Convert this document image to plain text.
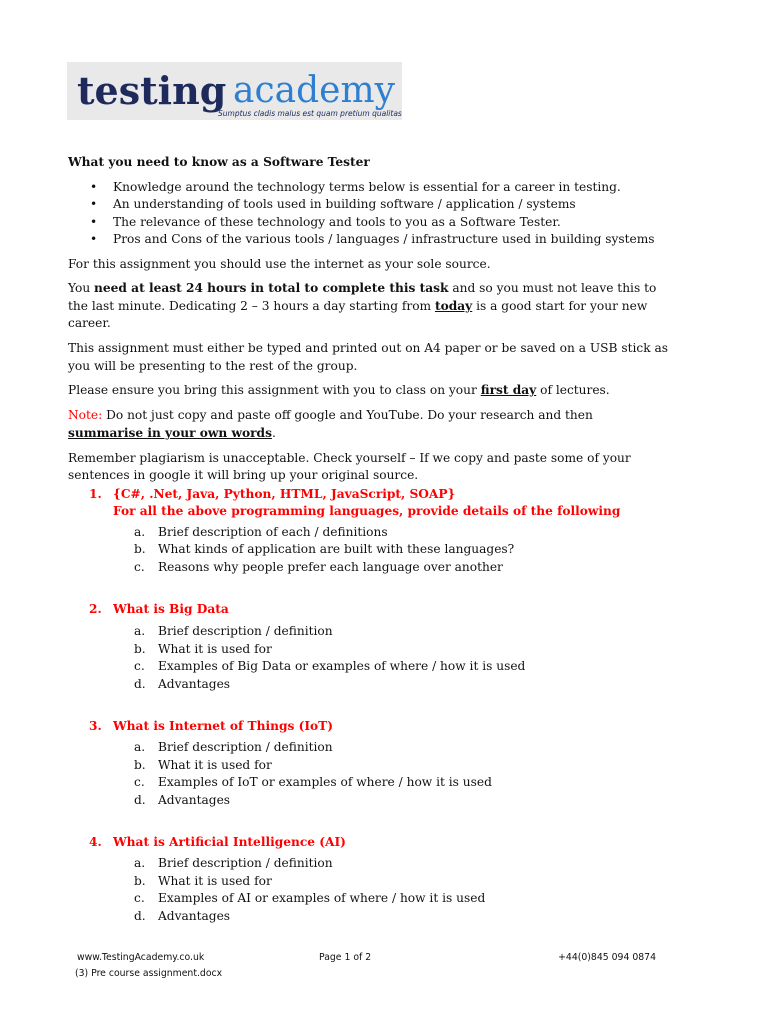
testing academy
Sumptus cladis malus est quam pretium qualitas

What you need to know as a Software Tester

• Knowledge around the technology terms below is essential for a career in testing.
• An understanding of tools used in building software / application / systems
• The relevance of these technology and tools to you as a Software Tester.
• Pros and Cons of the various tools / languages / infrastructure used in building systems

For this assignment you should use the internet as your sole source.

You need at least 24 hours in total to complete this task and so you must not leave this to the last minute. Dedicating 2 – 3 hours a day starting from today is a good start for your new career.

This assignment must either be typed and printed out on A4 paper or be saved on a USB stick as you will be presenting to the rest of the group.

Please ensure you bring this assignment with you to class on your first day of lectures.

Note: Do not just copy and paste off google and YouTube. Do your research and then summarise in your own words.

Remember plagiarism is unacceptable. Check yourself – If we copy and paste some of your sentences in google it will bring up your original source.

1. {C#, .Net, Java, Python, HTML, JavaScript, SOAP}
For all the above programming languages, provide details of the following
a. Brief description of each / definitions
b. What kinds of application are built with these languages?
c. Reasons why people prefer each language over another
2. What is Big Data
a. Brief description / definition
b. What it is used for
c. Examples of Big Data or examples of where / how it is used
d. Advantages
3. What is Internet of Things (IoT)
a. Brief description / definition
b. What it is used for
c. Examples of IoT or examples of where / how it is used
d. Advantages
4. What is Artificial Intelligence (AI)
a. Brief description / definition
b. What it is used for
c. Examples of AI or examples of where / how it is used
d. Advantages
www.TestingAcademy.co.uk	Page 1 of 2	+44(0)845 094 0874
(3) Pre course assignment.docx
